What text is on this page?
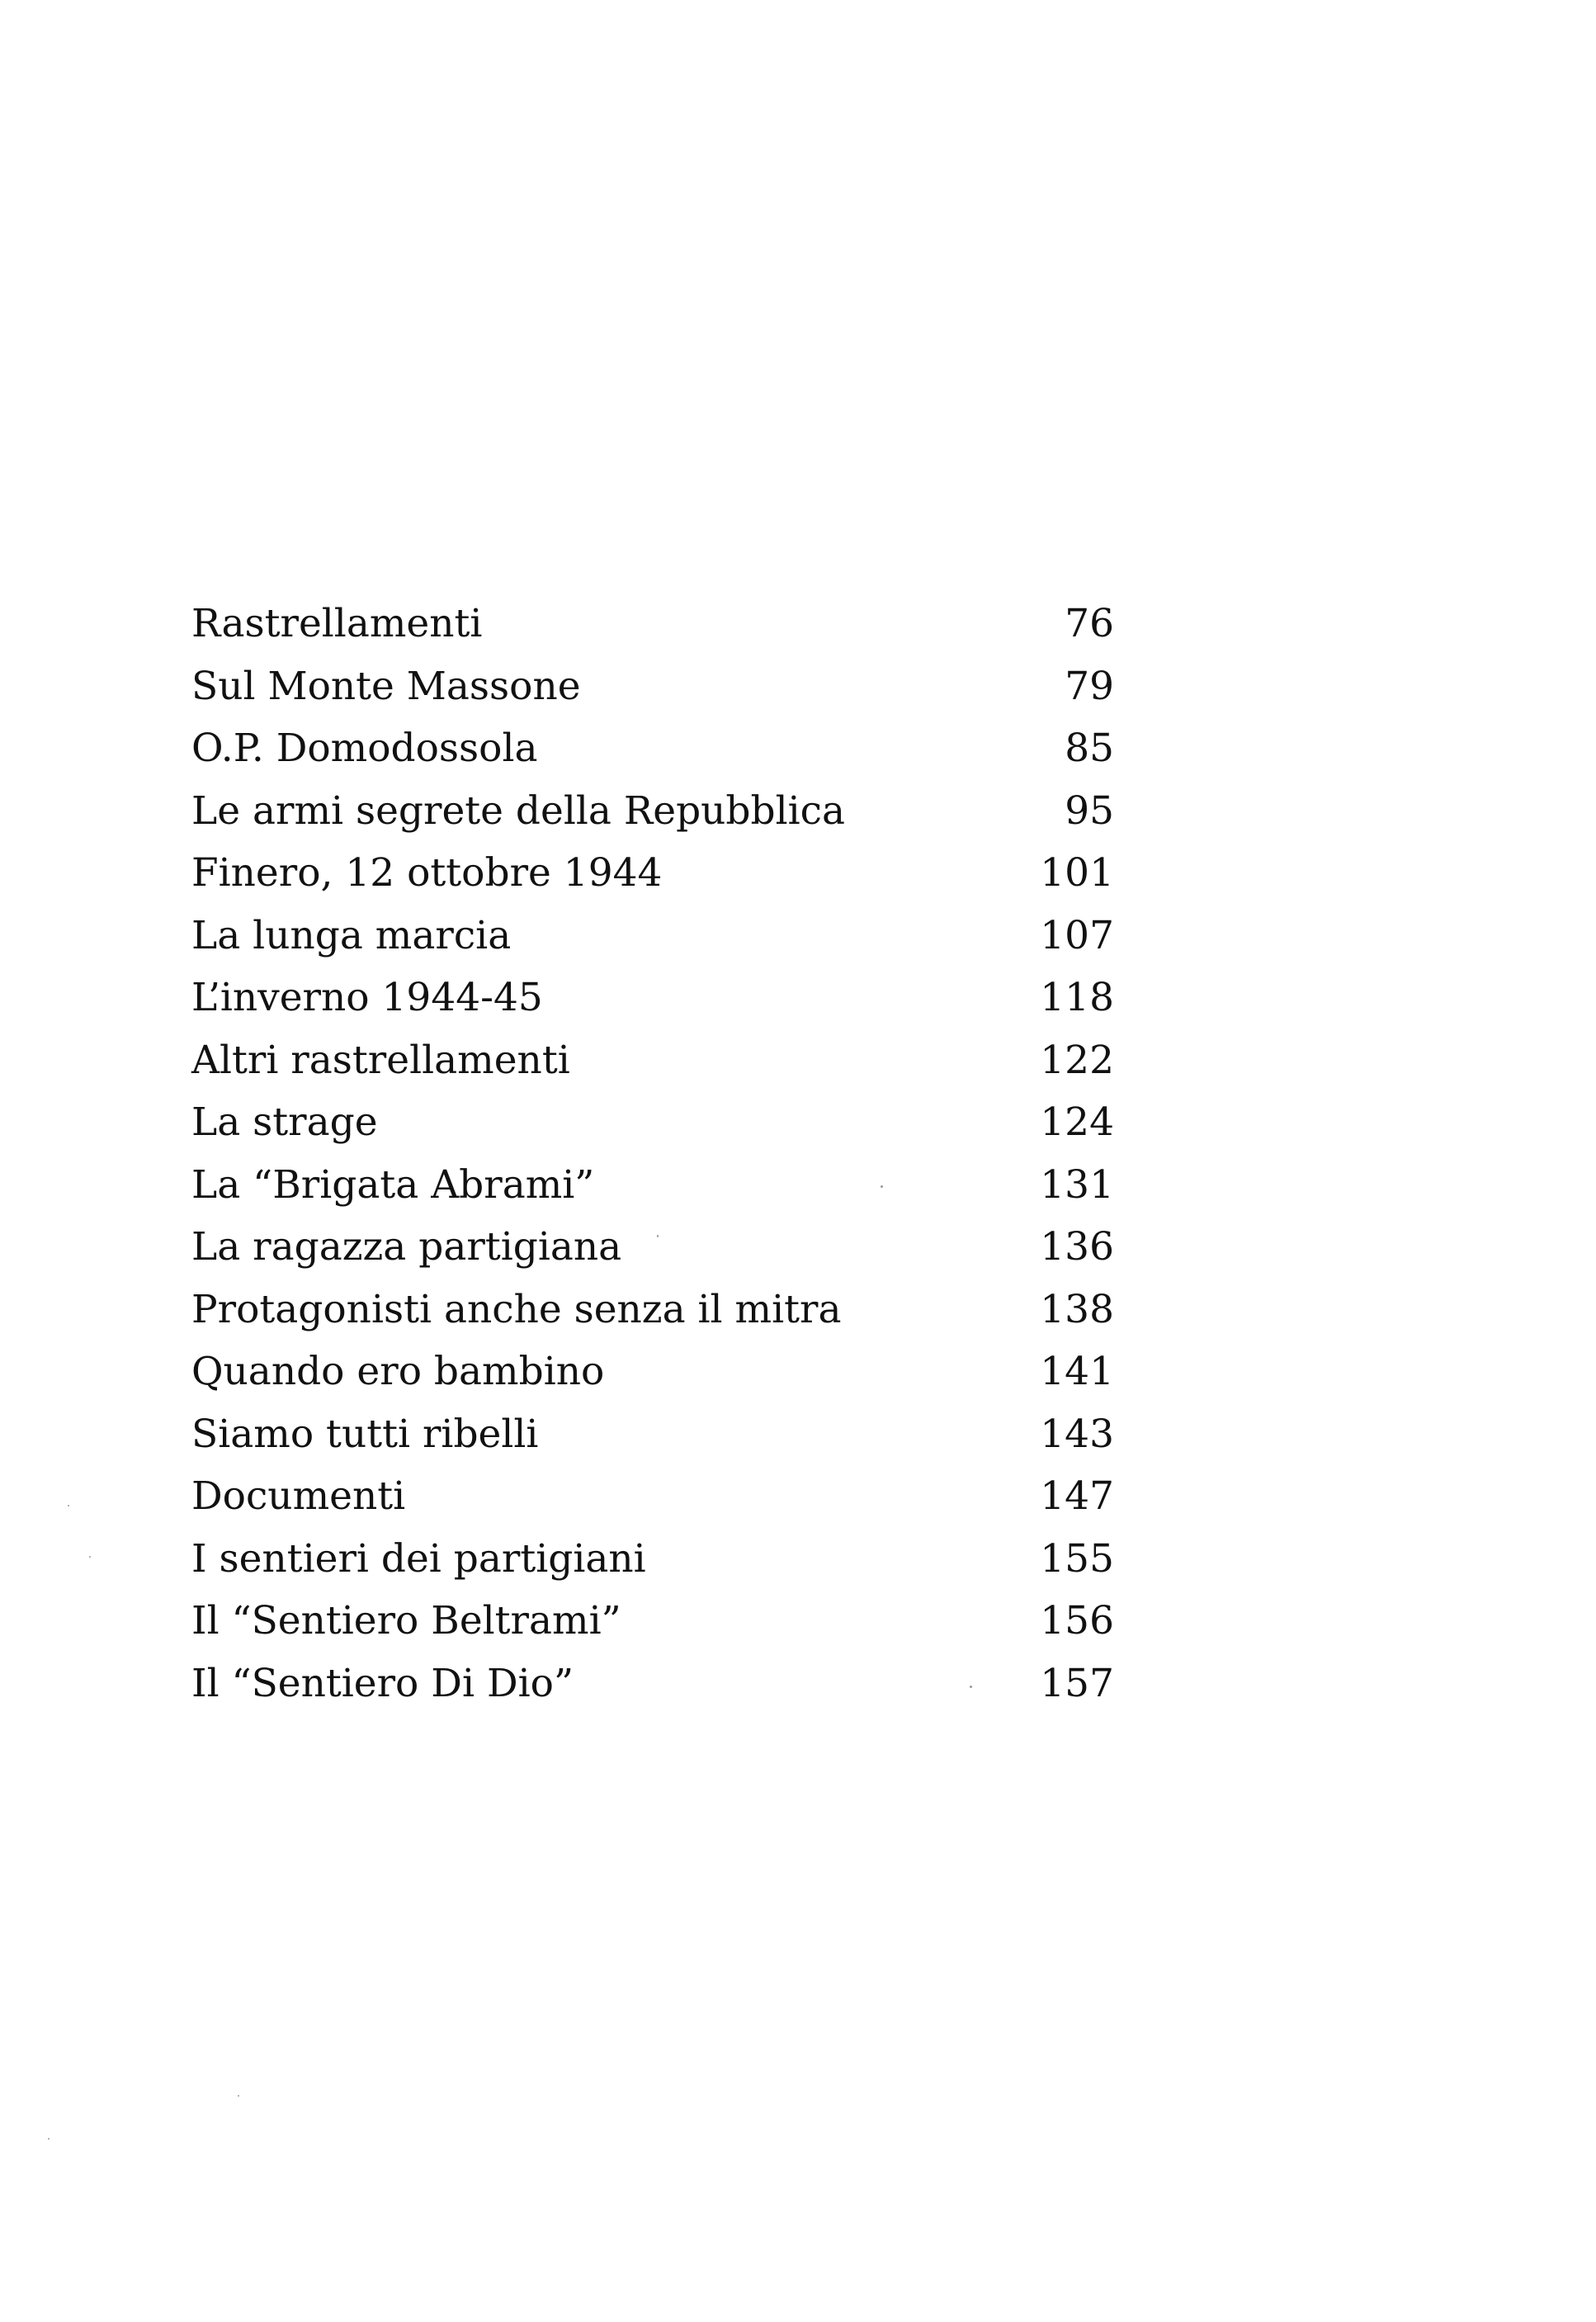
Rastrellamenti	76
Sul Monte Massone	79
O.P. Domodossola	85
Le armi segrete della Repubblica	95
Finero, 12 ottobre 1944	101
La lunga marcia	107
L’inverno 1944-45	118
Altri rastrellamenti	122
La strage	124
La “Brigata Abrami”	131
La ragazza partigiana	136
Protagonisti anche senza il mitra	138
Quando ero bambino	141
Siamo tutti ribelli	143
Documenti	147
I sentieri dei partigiani	155
Il “Sentiero Beltrami”	156
Il “Sentiero Di Dio”	157
